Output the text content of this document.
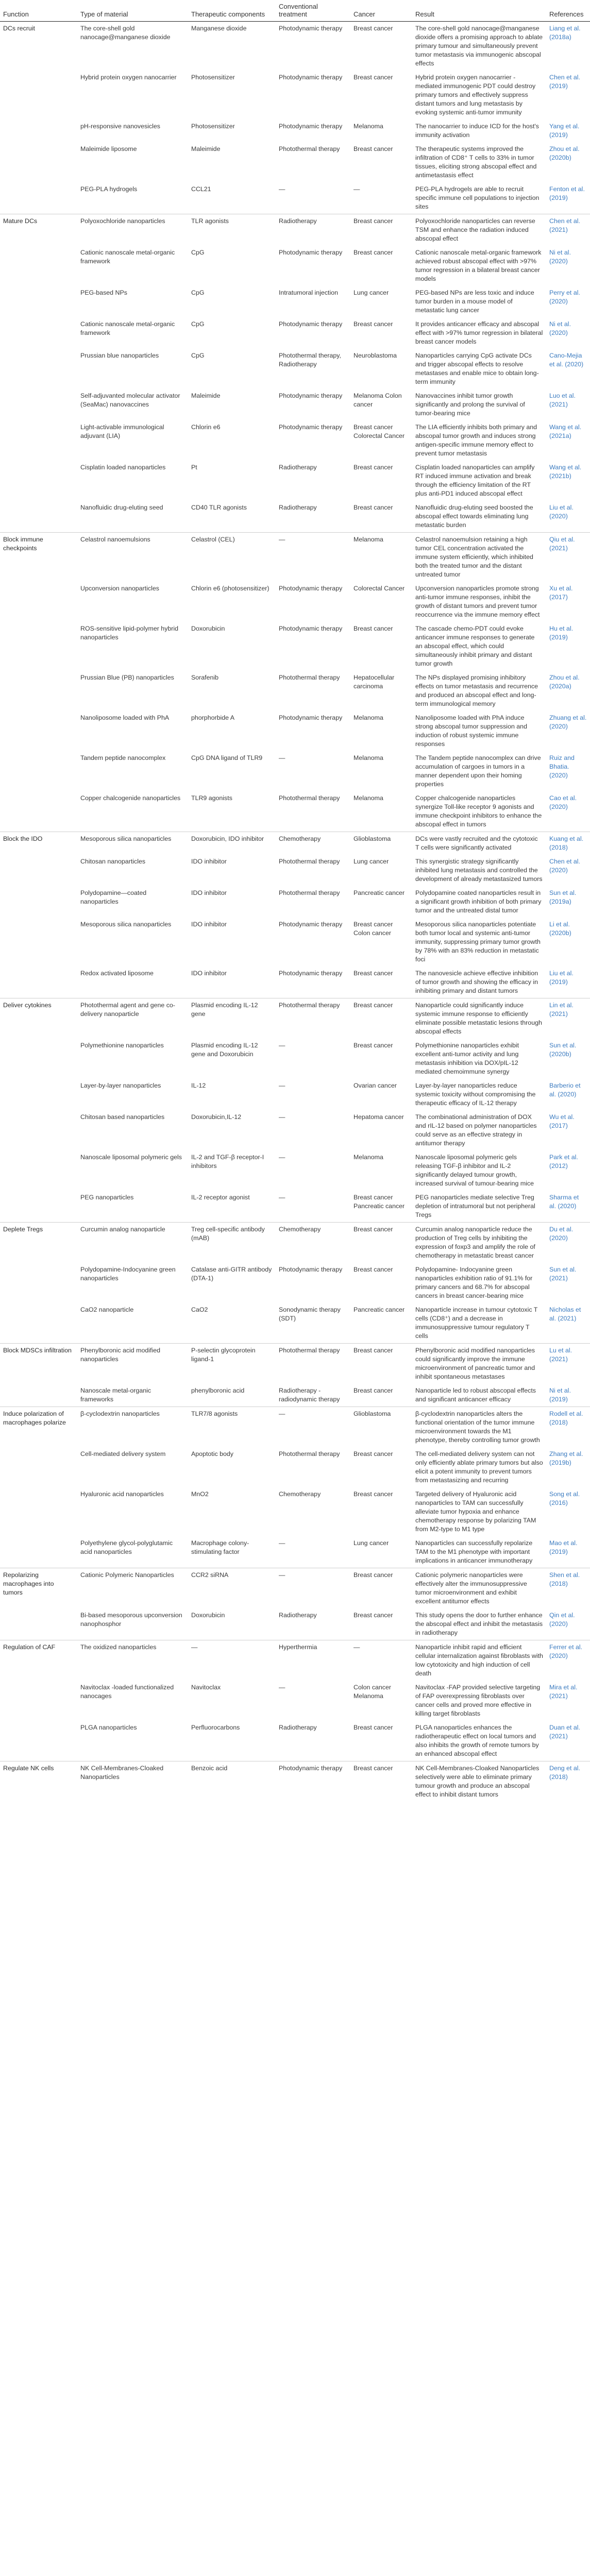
Function	Type of material	Therapeutic components	Conventional treatment	Cancer	Result	References
DCs recruit	The core-shell gold nanocage@manganese dioxide	Manganese dioxide	Photodynamic therapy	Breast cancer	The core-shell gold nanocage@manganese dioxide offers a promising approach to ablate primary tumour and simultaneously prevent tumor metastasis via immunogenic abscopal effects	Liang et al. (2018a)
	Hybrid protein oxygen nanocarrier	Photosensitizer	Photodynamic therapy	Breast cancer	Hybrid protein oxygen nanocarrier - mediated immunogenic PDT could destroy primary tumors and effectively suppress distant tumors and lung metastasis by evoking systemic anti-tumor immunity	Chen et al. (2019)
	pH-responsive nanovesicles	Photosensitizer	Photodynamic therapy	Melanoma	The nanocarrier to induce ICD for the host's immunity activation	Yang et al. (2019)
	Maleimide liposome	Maleimide	Photothermal therapy	Breast cancer	The therapeutic systems improved the infiltration of CD8⁺ T cells to 33% in tumor tissues, eliciting strong abscopal effect and antimetastasis effect	Zhou et al. (2020b)
	PEG-PLA hydrogels	CCL21	—	—	PEG-PLA hydrogels are able to recruit specific immune cell populations to injection sites	Fenton et al. (2019)
Mature DCs	Polyoxochloride nanoparticles	TLR agonists	Radiotherapy	Breast cancer	Polyoxochloride nanoparticles can reverse TSM and enhance the radiation induced abscopal effect	Chen et al. (2021)
	Cationic nanoscale metal-organic framework	CpG	Photodynamic therapy	Breast cancer	Cationic nanoscale metal-organic framework achieved robust abscopal effect with >97% tumor regression in a bilateral breast cancer models	Ni et al. (2020)
	PEG-based NPs	CpG	Intratumoral injection	Lung cancer	PEG-based NPs are less toxic and induce tumor burden in a mouse model of metastatic lung cancer	Perry et al. (2020)
	Cationic nanoscale metal-organic framework	CpG	Photodynamic therapy	Breast cancer	It provides anticancer efficacy and abscopal effect with >97% tumor regression in bilateral breast cancer models	Ni et al. (2020)
	Prussian blue nanoparticles	CpG	Photothermal therapy, Radiotherapy	Neuroblastoma	Nanoparticles carrying CpG activate DCs and trigger abscopal effects to resolve metastases and enable mice to obtain long-term immunity	Cano-Mejia et al. (2020)
	Self-adjuvanted molecular activator (SeaMac) nanovaccines	Maleimide	Photodynamic therapy	Melanoma Colon cancer	Nanovaccines inhibit tumor growth significantly and prolong the survival of tumor-bearing mice	Luo et al. (2021)
	Light-activable immunological adjuvant (LIA)	Chlorin e6	Photodynamic therapy	Breast cancer Colorectal Cancer	The LIA efficiently inhibits both primary and abscopal tumor growth and induces strong antigen-specific immune memory effect to prevent tumor metastasis	Wang et al. (2021a)
	Cisplatin loaded nanoparticles	Pt	Radiotherapy	Breast cancer	Cisplatin loaded nanoparticles can amplify RT induced immune activation and break through the efficiency limitation of the RT plus anti-PD1 induced abscopal effect	Wang et al. (2021b)
	Nanofluidic drug-eluting seed	CD40 TLR agonists	Radiotherapy	Breast cancer	Nanofluidic drug-eluting seed boosted the abscopal effect towards eliminating lung metastatic burden	Liu et al. (2020)
Block immune checkpoints	Celastrol nanoemulsions	Celastrol (CEL)	—	Melanoma	Celastrol nanoemulsion retaining a high tumor CEL concentration activated the immune system efficiently, which inhibited both the treated tumor and the distant untreated tumor	Qiu et al. (2021)
	Upconversion nanoparticles	Chlorin e6 (photosensitizer)	Photodynamic therapy	Colorectal Cancer	Upconversion nanoparticles promote strong anti-tumor immune responses, inhibit the growth of distant tumors and prevent tumor reoccurrence via the immune memory effect	Xu et al. (2017)
	ROS-sensitive lipid-polymer hybrid nanoparticles	Doxorubicin	Photodynamic therapy	Breast cancer	The cascade chemo-PDT could evoke anticancer immune responses to generate an abscopal effect, which could simultaneously inhibit primary and distant tumor growth	Hu et al. (2019)
	Prussian Blue (PB) nanoparticles	Sorafenib	Photothermal therapy	Hepatocellular carcinoma	The NPs displayed promising inhibitory effects on tumor metastasis and recurrence and produced an abscopal effect and long-term immunological memory	Zhou et al. (2020a)
	Nanoliposome loaded with PhA	phorphorbide A	Photodynamic therapy	Melanoma	Nanoliposome loaded with PhA induce strong abscopal tumor suppression and induction of robust systemic immune responses	Zhuang et al. (2020)
	Tandem peptide nanocomplex	CpG DNA ligand of TLR9	—	Melanoma	The Tandem peptide nanocomplex can drive accumulation of cargoes in tumors in a manner dependent upon their homing properties	Ruiz and Bhatia. (2020)
	Copper chalcogenide nanoparticles	TLR9 agonists	Photothermal therapy	Melanoma	Copper chalcogenide nanoparticles synergize Toll-like receptor 9 agonists and immune checkpoint inhibitors to enhance the abscopal effect in tumors	Cao et al. (2020)
Block the IDO	Mesoporous silica nanoparticles	Doxorubicin, IDO inhibitor	Chemotherapy	Glioblastoma	DCs were vastly recruited and the cytotoxic T cells were significantly activated	Kuang et al. (2018)
	Chitosan nanoparticles	IDO inhibitor	Photothermal therapy	Lung cancer	This synergistic strategy significantly inhibited lung metastasis and controlled the development of already metastasized tumors	Chen et al. (2020)
	Polydopamine—coated nanoparticles	IDO inhibitor	Photothermal therapy	Pancreatic cancer	Polydopamine coated nanoparticles result in a significant growth inhibition of both primary tumor and the untreated distal tumor	Sun et al. (2019a)
	Mesoporous silica nanoparticles	IDO inhibitor	Photodynamic therapy	Breast cancer Colon cancer	Mesoporous silica nanoparticles potentiate both tumor local and systemic anti-tumor immunity, suppressing primary tumor growth by 78% with an 83% reduction in metastatic foci	Li et al. (2020b)
	Redox activated liposome	IDO inhibitor	Photodynamic therapy	Breast cancer	The nanovesicle achieve effective inhibition of tumor growth and showing the efficacy in inhibiting primary and distant tumors	Liu et al. (2019)
Deliver cytokines	Photothermal agent and gene co-delivery nanoparticle	Plasmid encoding IL-12 gene	Photothermal therapy	Breast cancer	Nanoparticle could significantly induce systemic immune response to efficiently eliminate possible metastatic lesions through abscopal effects	Lin et al. (2021)
	Polymethionine nanoparticles	Plasmid encoding IL-12 gene and Doxorubicin	—	Breast cancer	Polymethionine nanoparticles exhibit excellent anti-tumor activity and lung metastasis inhibition via DOX/pIL-12 mediated chemoimmune synergy	Sun et al. (2020b)
	Layer-by-layer nanoparticles	IL-12	—	Ovarian cancer	Layer-by-layer nanoparticles reduce systemic toxicity without compromising the therapeutic efficacy of IL-12 therapy	Barberio et al. (2020)
	Chitosan based nanoparticles	Doxorubicin,IL-12	—	Hepatoma cancer	The combinational administration of DOX and rIL-12 based on polymer nanoparticles could serve as an effective strategy in antitumor therapy	Wu et al. (2017)
	Nanoscale liposomal polymeric gels	IL-2 and TGF-β receptor-I inhibitors	—	Melanoma	Nanoscale liposomal polymeric gels releasing TGF-β inhibitor and IL-2 significantly delayed tumour growth, increased survival of tumour-bearing mice	Park et al. (2012)
	PEG nanoparticles	IL-2 receptor agonist	—	Breast cancer Pancreatic cancer	PEG nanoparticles mediate selective Treg depletion of intratumoral but not peripheral Tregs	Sharma et al. (2020)
Deplete Tregs	Curcumin analog nanoparticle	Treg cell-specific antibody (mAB)	Chemotherapy	Breast cancer	Curcumin analog nanoparticle reduce the production of Treg cells by inhibiting the expression of foxp3 and amplify the role of chemotherapy in metastatic breast cancer	Du et al. (2020)
	Polydopamine-Indocyanine green nanoparticles	Catalase anti-GITR antibody (DTA-1)	Photodynamic therapy	Breast cancer	Polydopamine- Indocyanine green nanoparticles exhibition ratio of 91.1% for primary cancers and 68.7% for abscopal cancers in breast cancer-bearing mice	Sun et al. (2021)
	CaO2 nanoparticle	CaO2	Sonodynamic therapy (SDT)	Pancreatic cancer	Nanoparticle increase in tumour cytotoxic T cells (CD8⁺) and a decrease in immunosuppressive tumour regulatory T cells	Nicholas et al. (2021)
Block MDSCs infiltration	Phenylboronic acid modified nanoparticles	P-selectin glycoprotein ligand-1	Photothermal therapy	Breast cancer	Phenylboronic acid modified nanoparticles could significantly improve the immune microenvironment of pancreatic tumor and inhibit spontaneous metastases	Lu et al. (2021)
	Nanoscale metal-organic frameworks	phenylboronic acid	Radiotherapy -radiodynamic therapy	Breast cancer	Nanoparticle led to robust abscopal effects and significant anticancer efficacy	Ni et al. (2019)
Induce polarization of macrophages polarize	β-cyclodextrin nanoparticles	TLR7/8 agonists	—	Glioblastoma	β-cyclodextrin nanoparticles alters the functional orientation of the tumor immune microenvironment towards the M1 phenotype, thereby controlling tumor growth	Rodell et al. (2018)
	Cell-mediated delivery system	Apoptotic body	Photothermal therapy	Breast cancer	The cell-mediated delivery system can not only efficiently ablate primary tumors but also elicit a potent immunity to prevent tumors from metastasizing and recurring	Zhang et al. (2019b)
	Hyaluronic acid nanoparticles	MnO2	Chemotherapy	Breast cancer	Targeted delivery of Hyaluronic acid nanoparticles to TAM can successfully alleviate tumor hypoxia and enhance chemotherapy response by polarizing TAM from M2-type to M1 type	Song et al. (2016)
	Polyethylene glycol-polyglutamic acid nanoparticles	Macrophage colony-stimulating factor	—	Lung cancer	Nanoparticles can successfully repolarize TAM to the M1 phenotype with important implications in anticancer immunotherapy	Mao et al. (2019)
Repolarizing macrophages into tumors	Cationic Polymeric Nanoparticles	CCR2 siRNA	—	Breast cancer	Cationic polymeric nanoparticles were effectively alter the immunosuppressive tumor microenvironment and exhibit excellent antitumor effects	Shen et al. (2018)
	Bi-based mesoporous upconversion nanophosphor	Doxorubicin	Radiotherapy	Breast cancer	This study opens the door to further enhance the abscopal effect and inhibit the metastasis in radiotherapy	Qin et al. (2020)
Regulation of CAF	The oxidized nanoparticles	—	Hyperthermia	—	Nanoparticle inhibit rapid and efficient cellular internalization against fibroblasts with low cytotoxicity and high induction of cell death	Ferrer et al. (2020)
	Navitoclax -loaded functionalized nanocages	Navitoclax	—	Colon cancer Melanoma	Navitoclax -FAP provided selective targeting of FAP overexpressing fibroblasts over cancer cells and proved more effective in killing target fibroblasts	Mira et al. (2021)
	PLGA nanoparticles	Perfluorocarbons	Radiotherapy	Breast cancer	PLGA nanoparticles enhances the radiotherapeutic effect on local tumors and also inhibits the growth of remote tumors by an enhanced abscopal effect	Duan et al. (2021)
Regulate NK cells	NK Cell-Membranes-Cloaked Nanoparticles	Benzoic acid	Photodynamic therapy	Breast cancer	NK Cell-Membranes-Cloaked Nanoparticles selectively were able to eliminate primary tumour growth and produce an abscopal effect to inhibit distant tumors	Deng et al. (2018)
